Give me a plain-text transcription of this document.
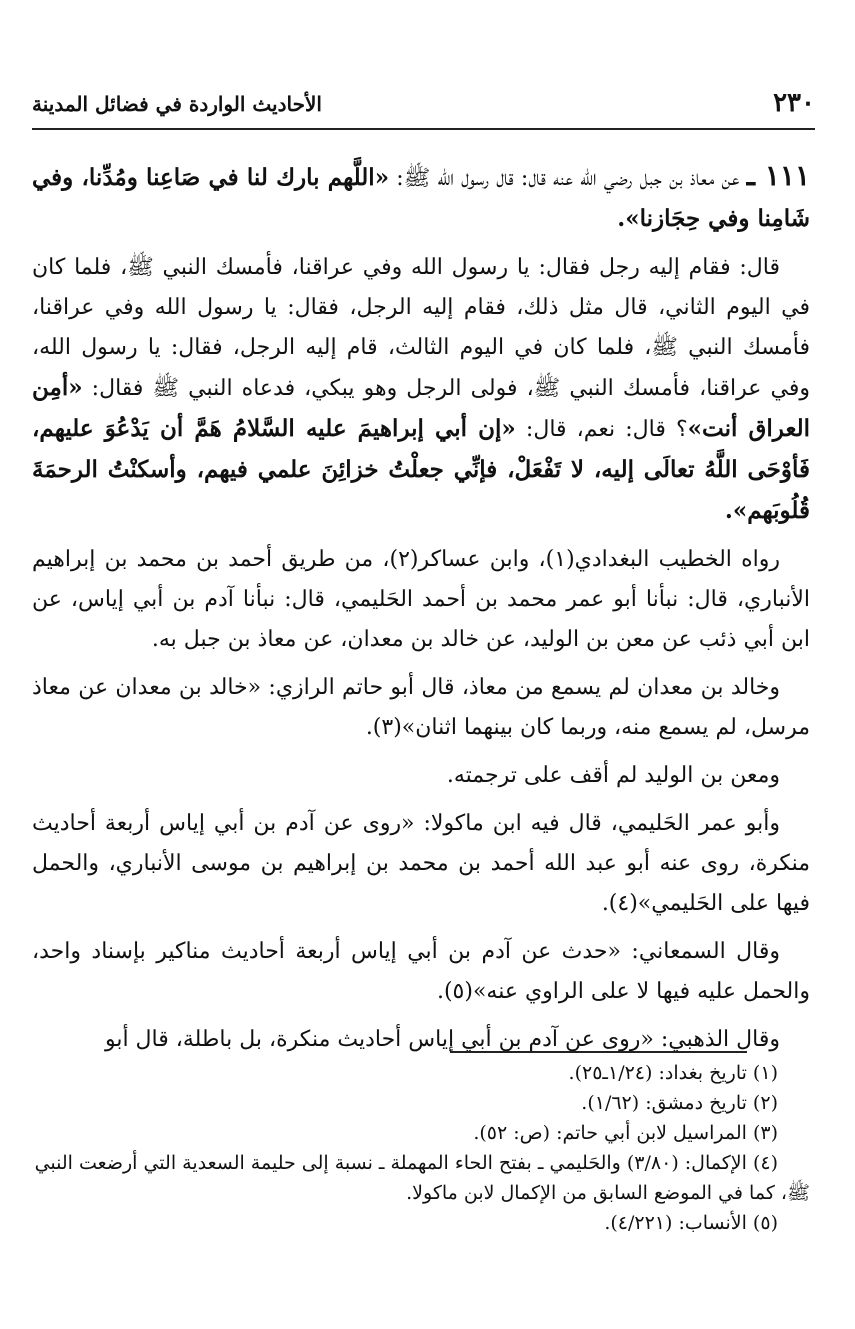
الأحاديث الواردة في فضائل المدينة	٢٣٠

١١١ ـ عن معاذ بن جبل رضي الله عنه قال: قال رسول الله ﷺ: «اللَّهم بارك لنا في صَاعِنا ومُدِّنا، وفي شَامِنا وفي حِجَازنا».

قال: فقام إليه رجل فقال: يا رسول الله وفي عراقنا، فأمسك النبي ﷺ، فلما كان في اليوم الثاني، قال مثل ذلك، فقام إليه الرجل، فقال: يا رسول الله وفي عراقنا، فأمسك النبي ﷺ، فلما كان في اليوم الثالث، قام إليه الرجل، فقال: يا رسول الله، وفي عراقنا، فأمسك النبي ﷺ، فولى الرجل وهو يبكي، فدعاه النبي ﷺ فقال: «أمِن العراق أنت»؟ قال: نعم، قال: «إن أبي إبراهيمَ عليه السَّلامُ هَمَّ أن يَدْعُوَ عليهم، فَأوْحَى اللَّهُ تعالَى إليه، لا تَفْعَلْ، فإنِّي جعلْتُ خزائِنَ علمي فيهم، وأسكنْتُ الرحمَةَ قُلُوبَهم».

رواه الخطيب البغدادي(١)، وابن عساكر(٢)، من طريق أحمد بن محمد بن إبراهيم الأنباري، قال: نبأنا أبو عمر محمد بن أحمد الحَليمي، قال: نبأنا آدم بن أبي إياس، عن ابن أبي ذئب عن معن بن الوليد، عن خالد بن معدان، عن معاذ بن جبل به.

وخالد بن معدان لم يسمع من معاذ، قال أبو حاتم الرازي: «خالد بن معدان عن معاذ مرسل، لم يسمع منه، وربما كان بينهما اثنان»(٣).

ومعن بن الوليد لم أقف على ترجمته.

وأبو عمر الحَليمي، قال فيه ابن ماكولا: «روى عن آدم بن أبي إياس أربعة أحاديث منكرة، روى عنه أبو عبد الله أحمد بن محمد بن إبراهيم بن موسى الأنباري، والحمل فيها على الحَليمي»(٤).

وقال السمعاني: «حدث عن آدم بن أبي إياس أربعة أحاديث مناكير بإسناد واحد، والحمل عليه فيها لا على الراوي عنه»(٥).

وقال الذهبي: «روى عن آدم بن أبي إياس أحاديث منكرة، بل باطلة، قال أبو

(١) تاريخ بغداد: (١/٢٤ـ٢٥).

(٢) تاريخ دمشق: (١/٦٢).

(٣) المراسيل لابن أبي حاتم: (ص: ٥٢).

(٤) الإكمال: (٣/٨٠) والحَليمي ـ بفتح الحاء المهملة ـ نسبة إلى حليمة السعدية التي أرضعت النبي ﷺ، كما في الموضع السابق من الإكمال لابن ماكولا.

(٥) الأنساب: (٤/٢٢١).
